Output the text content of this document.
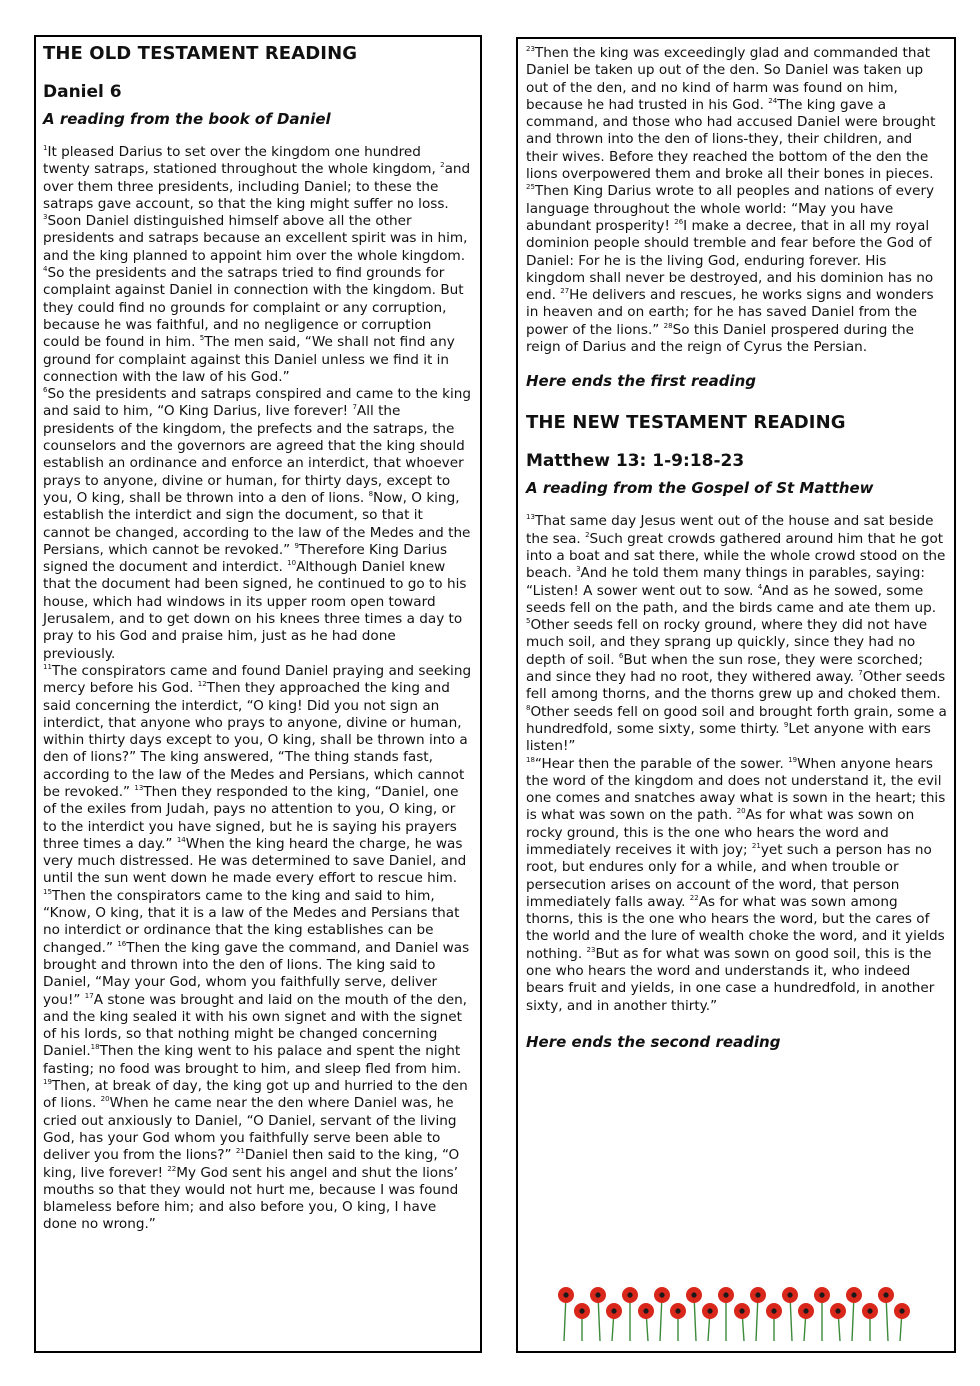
THE OLD TESTAMENT READING
Daniel 6
A reading from the book of Daniel

$^1$It pleased Darius to set over the kingdom one hundred twenty satraps, stationed throughout the whole kingdom, $^2$and over them three presidents, including Daniel; to these the satraps gave account, so that the king might suffer no loss. $^3$Soon Daniel distinguished himself above all the other presidents and satraps because an excellent spirit was in him, and the king planned to appoint him over the whole kingdom. $^4$So the presidents and the satraps tried to find grounds for complaint against Daniel in connection with the kingdom. But they could find no grounds for complaint or any corruption, because he was faithful, and no negligence or corruption could be found in him. $^5$The men said, “We shall not find any ground for complaint against this Daniel unless we find it in connection with the law of his God.”

$^6$So the presidents and satraps conspired and came to the king and said to him, “O King Darius, live forever! $^7$All the presidents of the kingdom, the prefects and the satraps, the counselors and the governors are agreed that the king should establish an ordinance and enforce an interdict, that whoever prays to anyone, divine or human, for thirty days, except to you, O king, shall be thrown into a den of lions. $^8$Now, O king, establish the interdict and sign the document, so that it cannot be changed, according to the law of the Medes and the Persians, which cannot be revoked.” $^9$Therefore King Darius signed the document and interdict. $^{10}$Although Daniel knew that the document had been signed, he continued to go to his house, which had windows in its upper room open toward Jerusalem, and to get down on his knees three times a day to pray to his God and praise him, just as he had done previously.

$^{11}$The conspirators came and found Daniel praying and seeking mercy before his God. $^{12}$Then they approached the king and said concerning the interdict, “O king! Did you not sign an interdict, that anyone who prays to anyone, divine or human, within thirty days except to you, O king, shall be thrown into a den of lions?” The king answered, “The thing stands fast, according to the law of the Medes and Persians, which cannot be revoked.” $^{13}$Then they responded to the king, “Daniel, one of the exiles from Judah, pays no attention to you, O king, or to the interdict you have signed, but he is saying his prayers three times a day.” $^{14}$When the king heard the charge, he was very much distressed. He was determined to save Daniel, and until the sun went down he made every effort to rescue him. $^{15}$Then the conspirators came to the king and said to him, “Know, O king, that it is a law of the Medes and Persians that no interdict or ordinance that the king establishes can be changed.” $^{16}$Then the king gave the command, and Daniel was brought and thrown into the den of lions. The king said to Daniel, “May your God, whom you faithfully serve, deliver you!” $^{17}$A stone was brought and laid on the mouth of the den, and the king sealed it with his own signet and with the signet of his lords, so that nothing might be changed concerning Daniel.$^{18}$Then the king went to his palace and spent the night fasting; no food was brought to him, and sleep fled from him.

$^{19}$Then, at break of day, the king got up and hurried to the den of lions. $^{20}$When he came near the den where Daniel was, he cried out anxiously to Daniel, “O Daniel, servant of the living God, has your God whom you faithfully serve been able to deliver you from the lions?” $^{21}$Daniel then said to the king, “O king, live forever! $^{22}$My God sent his angel and shut the lions’ mouths so that they would not hurt me, because I was found blameless before him; and also before you, O king, I have done no wrong.”

$^{23}$Then the king was exceedingly glad and commanded that Daniel be taken up out of the den. So Daniel was taken up out of the den, and no kind of harm was found on him, because he had trusted in his God. $^{24}$The king gave a command, and those who had accused Daniel were brought and thrown into the den of lions-they, their children, and their wives. Before they reached the bottom of the den the lions overpowered them and broke all their bones in pieces.

$^{25}$Then King Darius wrote to all peoples and nations of every language throughout the whole world: “May you have abundant prosperity! $^{26}$I make a decree, that in all my royal dominion people should tremble and fear before the God of Daniel: For he is the living God, enduring forever. His kingdom shall never be destroyed, and his dominion has no end. $^{27}$He delivers and rescues, he works signs and wonders in heaven and on earth; for he has saved Daniel from the power of the lions.” $^{28}$So this Daniel prospered during the reign of Darius and the reign of Cyrus the Persian.

Here ends the first reading
THE NEW TESTAMENT READING
Matthew 13: 1-9:18-23
A reading from the Gospel of St Matthew

$^{13}$That same day Jesus went out of the house and sat beside the sea. $^2$Such great crowds gathered around him that he got into a boat and sat there, while the whole crowd stood on the beach. $^3$And he told them many things in parables, saying: “Listen! A sower went out to sow. $^4$And as he sowed, some seeds fell on the path, and the birds came and ate them up. $^5$Other seeds fell on rocky ground, where they did not have much soil, and they sprang up quickly, since they had no depth of soil. $^6$But when the sun rose, they were scorched; and since they had no root, they withered away. $^7$Other seeds fell among thorns, and the thorns grew up and choked them. $^8$Other seeds fell on good soil and brought forth grain, some a hundredfold, some sixty, some thirty. $^9$Let anyone with ears listen!”

$^{18}$“Hear then the parable of the sower. $^{19}$When anyone hears the word of the kingdom and does not understand it, the evil one comes and snatches away what is sown in the heart; this is what was sown on the path. $^{20}$As for what was sown on rocky ground, this is the one who hears the word and immediately receives it with joy; $^{21}$yet such a person has no root, but endures only for a while, and when trouble or persecution arises on account of the word, that person immediately falls away. $^{22}$As for what was sown among thorns, this is the one who hears the word, but the cares of the world and the lure of wealth choke the word, and it yields nothing. $^{23}$But as for what was sown on good soil, this is the one who hears the word and understands it, who indeed bears fruit and yields, in one case a hundredfold, in another sixty, and in another thirty.”

Here ends the second reading
